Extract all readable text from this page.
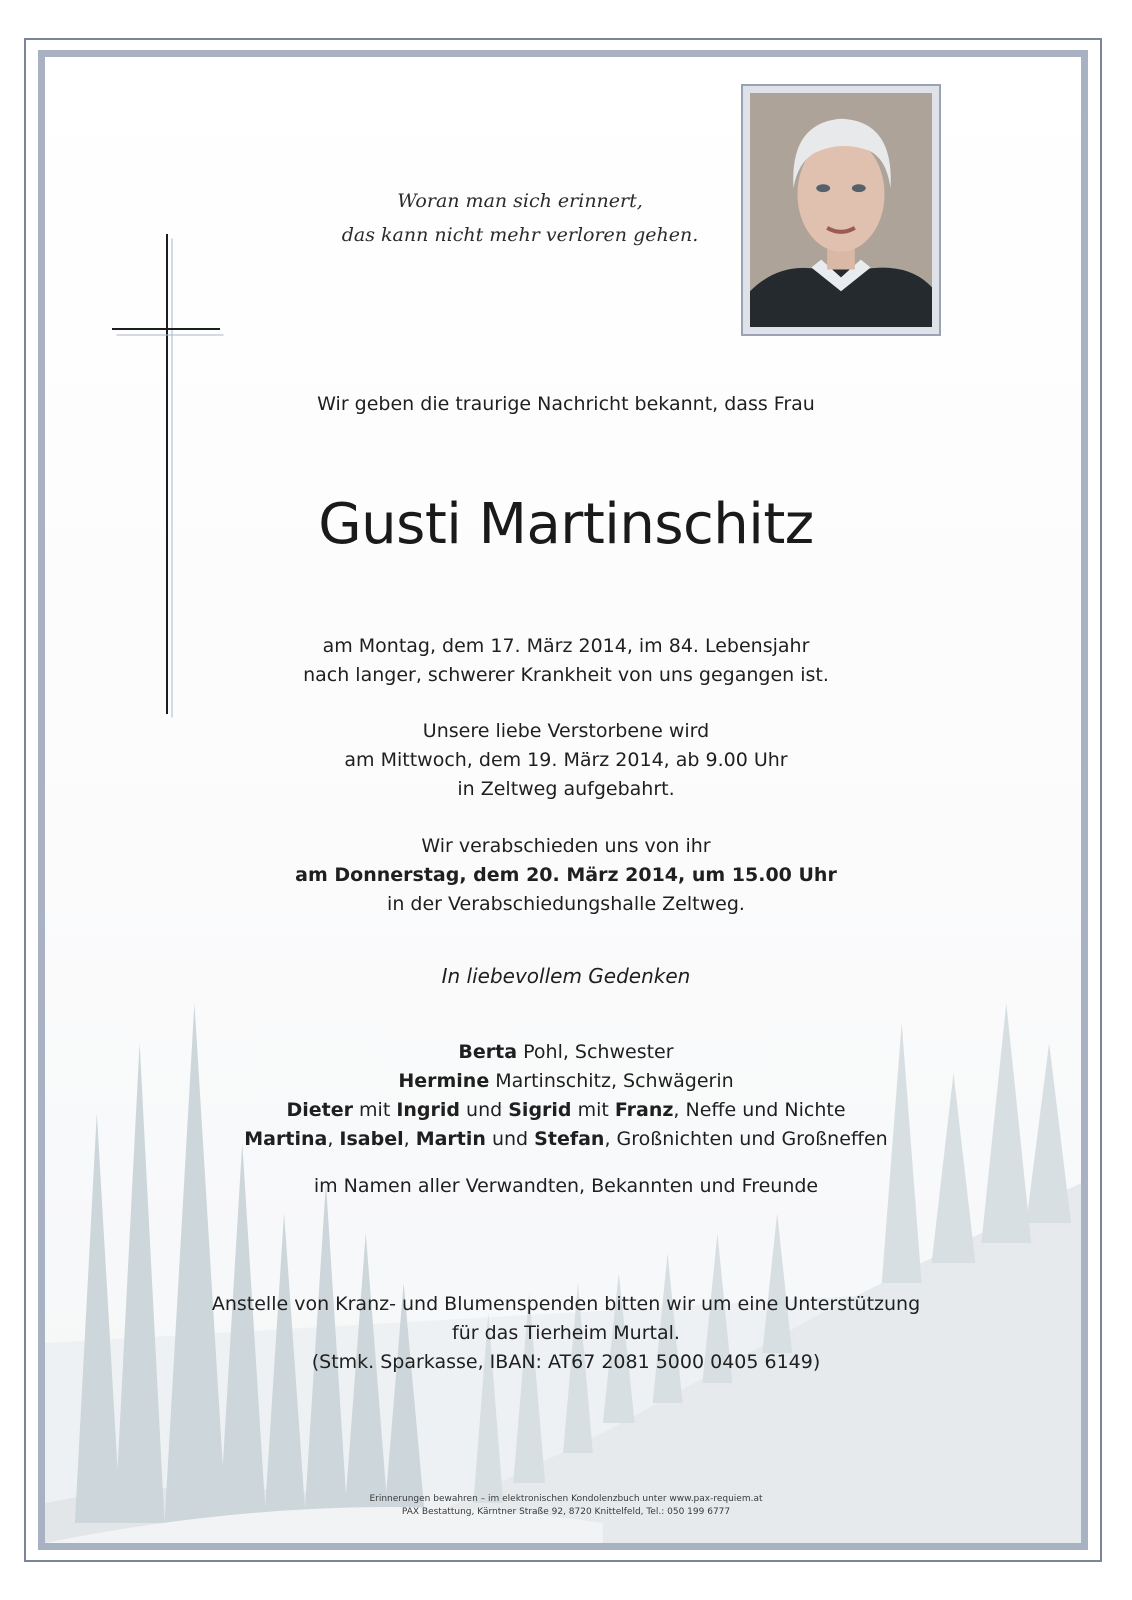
Woran man sich erinnert,
das kann nicht mehr verloren gehen.
Wir geben die traurige Nachricht bekannt, dass Frau
Gusti Martinschitz
am Montag, dem 17. März 2014, im 84. Lebensjahr
nach langer, schwerer Krankheit von uns gegangen ist.
Unsere liebe Verstorbene wird
am Mittwoch, dem 19. März 2014, ab 9.00 Uhr
in Zeltweg aufgebahrt.
Wir verabschieden uns von ihr
am Donnerstag, dem 20. März 2014, um 15.00 Uhr
in der Verabschiedungshalle Zeltweg.
In liebevollem Gedenken
Berta Pohl, Schwester
Hermine Martinschitz, Schwägerin
Dieter mit Ingrid und Sigrid mit Franz, Neffe und Nichte
Martina, Isabel, Martin und Stefan, Großnichten und Großneffen
im Namen aller Verwandten, Bekannten und Freunde
Anstelle von Kranz- und Blumenspenden bitten wir um eine Unterstützung
für das Tierheim Murtal.
(Stmk. Sparkasse, IBAN: AT67 2081 5000 0405 6149)
Erinnerungen bewahren – im elektronischen Kondolenzbuch unter www.pax-requiem.at
PAX Bestattung, Kärntner Straße 92, 8720 Knittelfeld, Tel.: 050 199 6777
